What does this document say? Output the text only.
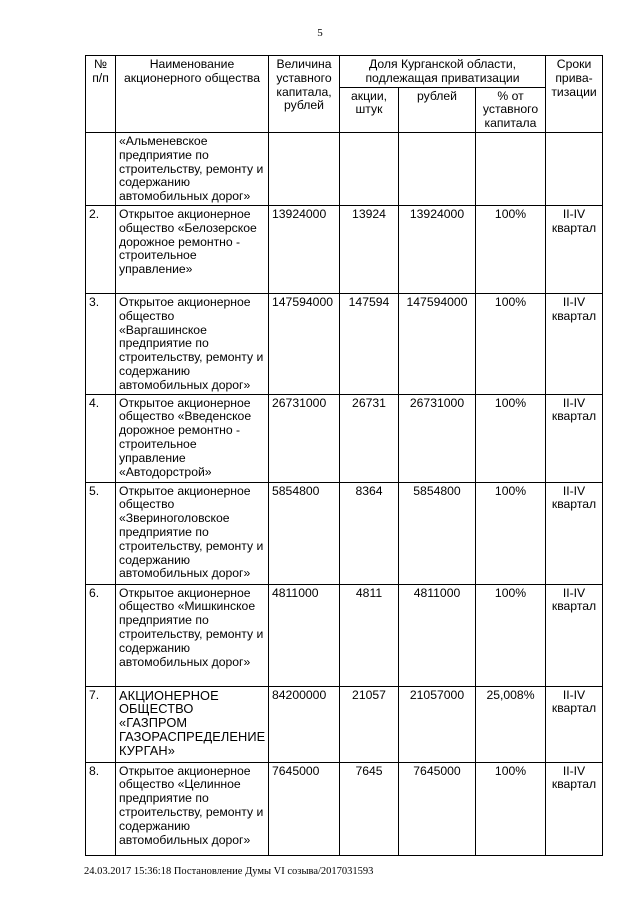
5
№ п/п	Наименование акционерного общества	Величина уставного капитала, рублей	Доля Курганской области, подлежащая приватизации			Сроки прива-тизации
			акции, штук	рублей	% от уставного капитала	
	«Альменевское предприятие по строительству, ремонту и содержанию автомобильных дорог»					
2.	Открытое акционерное общество «Белозерское дорожное ремонтно - строительное управление»	13924000	13924	13924000	100%	II-IV квартал
3.	Открытое акционерное общество «Варгашинское предприятие по строительству, ремонту и содержанию автомобильных дорог»	147594000	147594	147594000	100%	II-IV квартал
4.	Открытое акционерное общество «Введенское дорожное ремонтно - строительное управление «Автодорстрой»	26731000	26731	26731000	100%	II-IV квартал
5.	Открытое акционерное общество «Звериноголовское предприятие по строительству, ремонту и содержанию автомобильных дорог»	5854800	8364	5854800	100%	II-IV квартал
6.	Открытое акционерное общество «Мишкинское предприятие по строительству, ремонту и содержанию автомобильных дорог»	4811000	4811	4811000	100%	II-IV квартал
7.	АКЦИОНЕРНОЕ ОБЩЕСТВО «ГАЗПРОМ ГАЗОРАСПРЕДЕЛЕНИЕ КУРГАН»	84200000	21057	21057000	25,008%	II-IV квартал
8.	Открытое акционерное общество «Целинное предприятие по строительству, ремонту и содержанию автомобильных дорог»	7645000	7645	7645000	100%	II-IV квартал
24.03.2017 15:36:18 Постановление Думы VI созыва/2017031593
